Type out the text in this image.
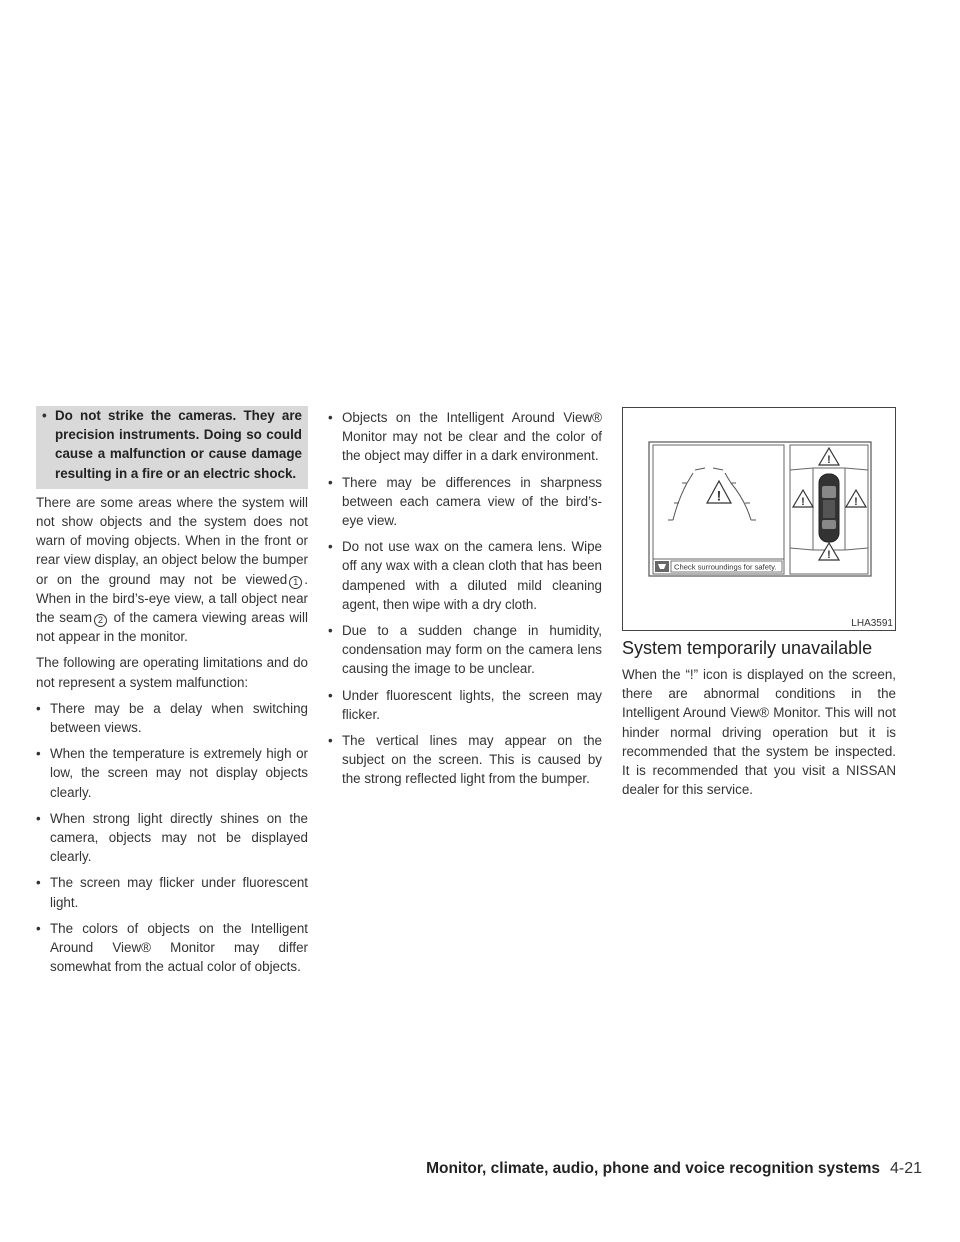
• Do not strike the cameras. They are precision instruments. Doing so could cause a malfunction or cause damage resulting in a fire or an electric shock.

There are some areas where the system will not show objects and the system does not warn of moving objects. When in the front or rear view display, an object below the bumper or on the ground may not be viewed 1 . When in the bird’s-eye view, a tall object near the seam 2 of the camera viewing areas will not appear in the monitor.

The following are operating limitations and do not represent a system malfunction:

• There may be a delay when switching between views.
• When the temperature is extremely high or low, the screen may not display objects clearly.
• When strong light directly shines on the camera, objects may not be displayed clearly.
• The screen may flicker under fluorescent light.
• The colors of objects on the Intelligent Around View® Monitor may differ somewhat from the actual color of objects.
• Objects on the Intelligent Around View® Monitor may not be clear and the color of the object may differ in a dark environment.
• There may be differences in sharpness between each camera view of the bird’s-eye view.
• Do not use wax on the camera lens. Wipe off any wax with a clean cloth that has been dampened with a diluted mild cleaning agent, then wipe with a dry cloth.
• Due to a sudden change in humidity, condensation may form on the camera lens causing the image to be unclear.
• Under fluorescent lights, the screen may flicker.
• The vertical lines may appear on the subject on the screen. This is caused by the strong reflected light from the bumper.
!
Check surroundings for safety.
!
!	!
!
LHA3591
System temporarily unavailable

When the “!” icon is displayed on the screen, there are abnormal conditions in the Intelligent Around View® Monitor. This will not hinder normal driving operation but it is recommended that the system be inspected. It is recommended that you visit a NISSAN dealer for this service.

Monitor, climate, audio, phone and voice recognition systems 4-21
